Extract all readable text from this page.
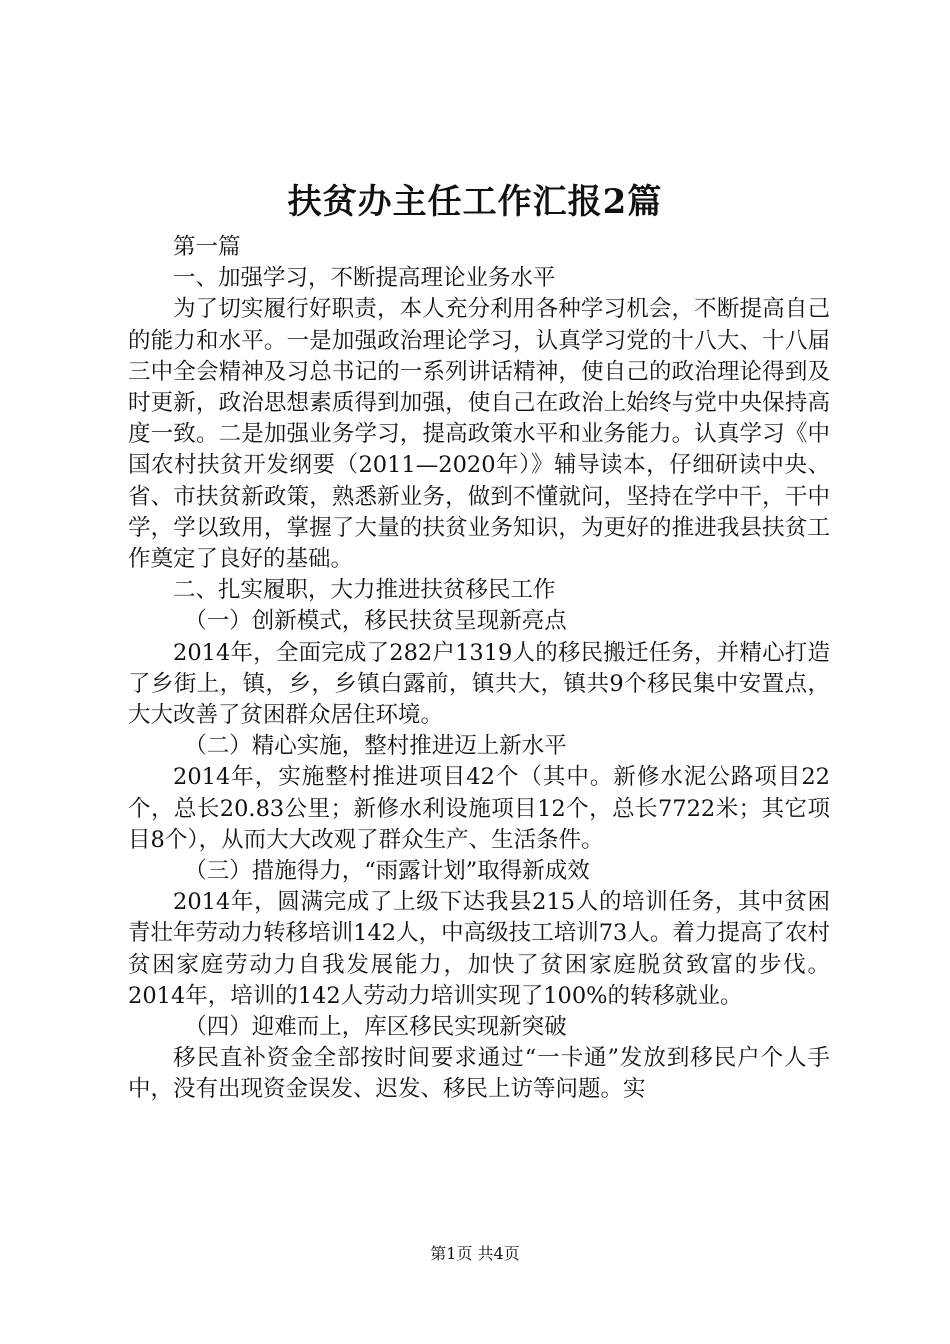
扶贫办主任工作汇报2篇

第一篇

一、加强学习，不断提高理论业务水平

为了切实履行好职责，本人充分利用各种学习机会，不断提高自己的能力和水平。一是加强政治理论学习，认真学习党的十八大、十八届三中全会精神及习总书记的一系列讲话精神，使自己的政治理论得到及时更新，政治思想素质得到加强，使自己在政治上始终与党中央保持高度一致。二是加强业务学习，提高政策水平和业务能力。认真学习《中国农村扶贫开发纲要（2011—2020年）》辅导读本，仔细研读中央、省、市扶贫新政策，熟悉新业务，做到不懂就问，坚持在学中干，干中学，学以致用，掌握了大量的扶贫业务知识，为更好的推进我县扶贫工作奠定了良好的基础。

二、扎实履职，大力推进扶贫移民工作

（一）创新模式，移民扶贫呈现新亮点

2014年，全面完成了282户1319人的移民搬迁任务，并精心打造了乡街上，镇，乡，乡镇白露前，镇共大，镇共9个移民集中安置点，大大改善了贫困群众居住环境。

（二）精心实施，整村推进迈上新水平

2014年，实施整村推进项目42个（其中。新修水泥公路项目22个，总长20.83公里；新修水利设施项目12个，总长7722米；其它项目8个），从而大大改观了群众生产、生活条件。

（三）措施得力，“雨露计划”取得新成效

2014年，圆满完成了上级下达我县215人的培训任务，其中贫困青壮年劳动力转移培训142人，中高级技工培训73人。着力提高了农村贫困家庭劳动力自我发展能力，加快了贫困家庭脱贫致富的步伐。2014年，培训的142人劳动力培训实现了100%的转移就业。

（四）迎难而上，库区移民实现新突破

移民直补资金全部按时间要求通过“一卡通”发放到移民户个人手中，没有出现资金误发、迟发、移民上访等问题。实

第1页 共4页
